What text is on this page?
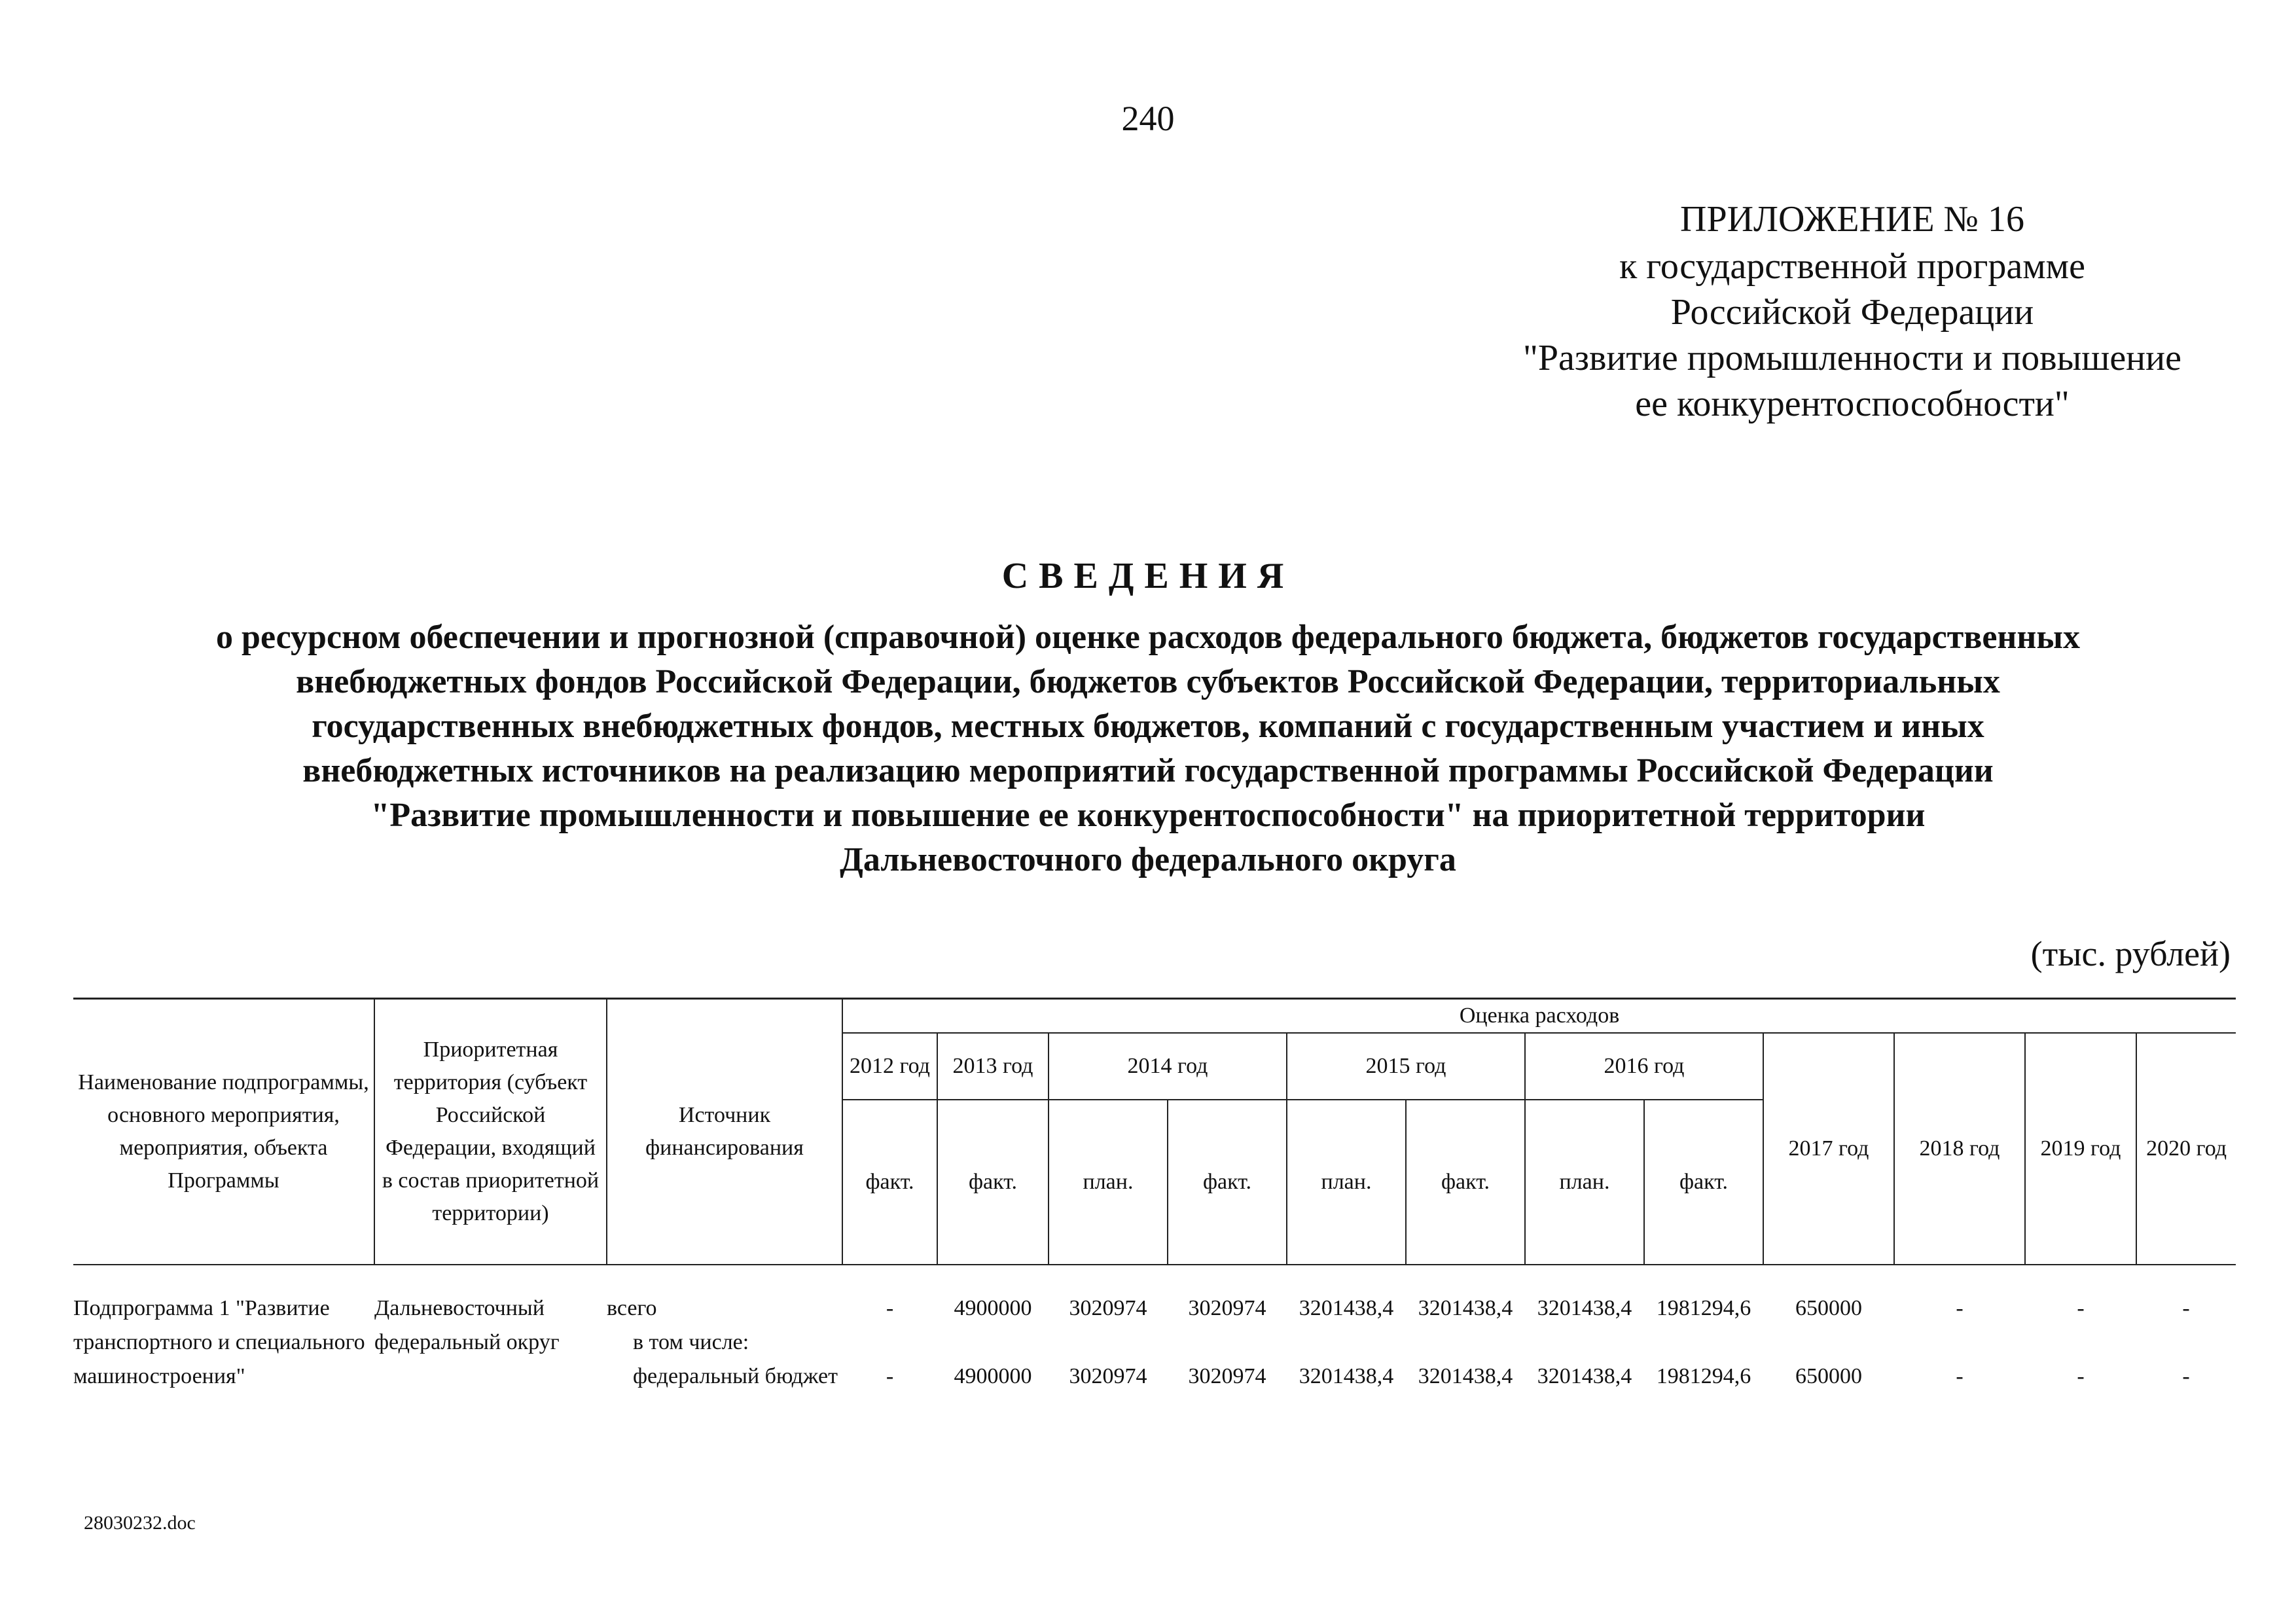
240
ПРИЛОЖЕНИЕ № 16
к государственной программе
Российской Федерации
"Развитие промышленности и повышение
ее конкурентоспособности"
СВЕДЕНИЯ
о ресурсном обеспечении и прогнозной (справочной) оценке расходов федерального бюджета, бюджетов государственных
внебюджетных фондов Российской Федерации, бюджетов субъектов Российской Федерации, территориальных
государственных внебюджетных фондов, местных бюджетов, компаний с государственным участием и иных
внебюджетных источников на реализацию мероприятий государственной программы Российской Федерации
"Развитие промышленности и повышение ее конкурентоспособности" на приоритетной территории
Дальневосточного федерального округа
(тыс. рублей)
Наименование подпрограммы, основного мероприятия, мероприятия, объекта Программы	Приоритетная территория (субъект Российской Федерации, входящий в состав приоритетной территории)	Источник финансирования	Оценка расходов											
			2012 год	2013 год	2014 год		2015 год		2016 год		2017 год	2018 год	2019 год	2020 год
			факт.	факт.	план.	факт.	план.	факт.	план.	факт.				

Подпрограмма 1 "Развитие транспортного и специального машиностроения"	Дальневосточный федеральный округ	всего	-	4900000	3020974	3020974	3201438,4	3201438,4	3201438,4	1981294,6	650000	-	-	-
		в том числе:												
		федеральный бюджет	-	4900000	3020974	3020974	3201438,4	3201438,4	3201438,4	1981294,6	650000	-	-	-

28030232.doc
